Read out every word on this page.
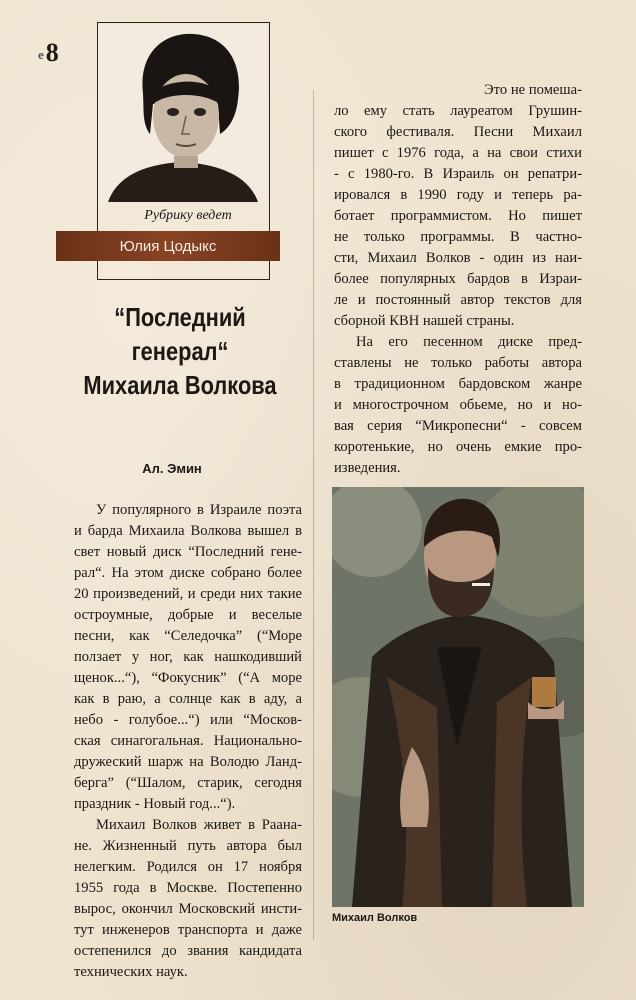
e8
Рубрику ведет
Юлия Цодыкс
“Последний
генерал“
Михаила Волкова
Ал. Эмин
У популярного в Израиле поэта
и барда Михаила Волкова вышел в
свет новый диск “Последний гене-
рал“. На этом диске собрано более
20 произведений, и среди них такие
остроумные, добрые и веселые
песни, как “Селедочка” (“Море
ползает у ног, как нашкодивший
щенок...“), “Фокусник” (“А море
как в раю, а солнце как в аду, а
небо - голубое...“) или “Москов-
ская синагогальная. Национально-
дружеский шарж на Володю Ланд-
берга” (“Шалом, старик, сегодня
праздник - Новый год...“).
Михаил Волков живет в Раана-
не. Жизненный путь автора был
нелегким. Родился он 17 ноября
1955 года в Москве. Постепенно
вырос, окончил Московский инсти-
тут инженеров транспорта и даже
остепенился до звания кандидата
технических наук.
Это не помеша-
ло ему стать лауреатом Грушин-
ского фестиваля. Песни Михаил
пишет с 1976 года, а на свои стихи
- с 1980-го. В Израиль он репатри-
ировался в 1990 году и теперь ра-
ботает программистом. Но пишет
не только программы. В частно-
сти, Михаил Волков - один из наи-
более популярных бардов в Израи-
ле и постоянный автор текстов для
сборной КВН нашей страны.
На его песенном диске пред-
ставлены не только работы автора
в традиционном бардовском жанре
и многострочном обьеме, но и но-
вая серия “Микропесни“ - совсем
коротенькие, но очень емкие про-
изведения.
Михаил Волков
